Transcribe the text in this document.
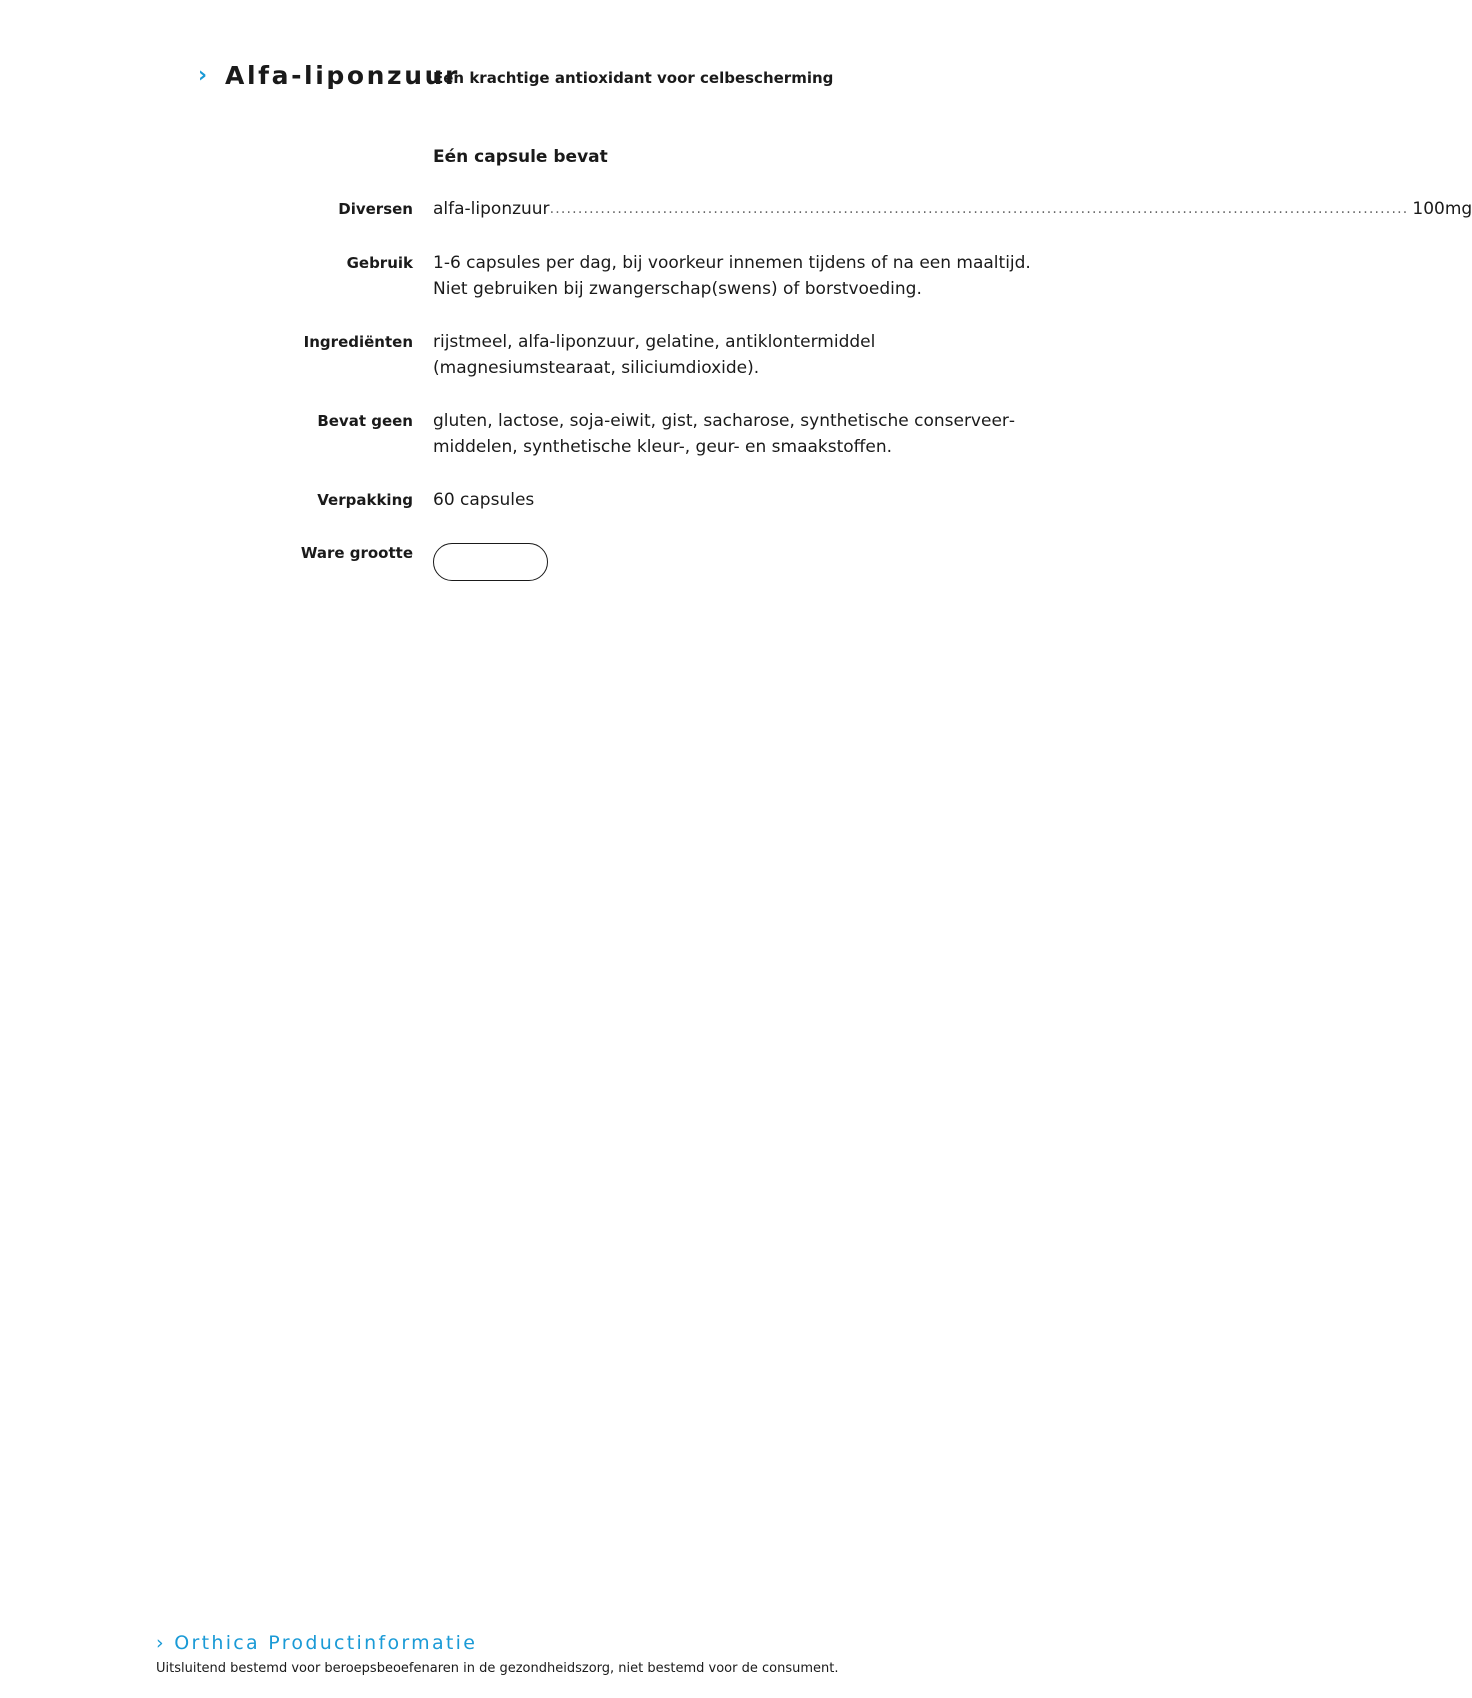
› Alfa-liponzuur
Een krachtige antioxidant voor celbescherming
Eén capsule bevat
Diversen alfa-liponzuur ........................................................................................................................................................ 100 mg
Gebruik 1-6 capsules per dag, bij voorkeur innemen tijdens of na een maaltijd. Niet gebruiken bij zwangerschap(swens) of borstvoeding.
Ingrediënten rijstmeel, alfa-liponzuur, gelatine, antiklontermiddel (magnesiumstearaat, siliciumdioxide).
Bevat geen gluten, lactose, soja-eiwit, gist, sacharose, synthetische conserveermiddelen, synthetische kleur-, geur- en smaakstoffen.
Verpakking 60 capsules
Ware grootte
› Orthica Productinformatie
Uitsluitend bestemd voor beroepsbeoefenaren in de gezondheidszorg, niet bestemd voor de consument.
